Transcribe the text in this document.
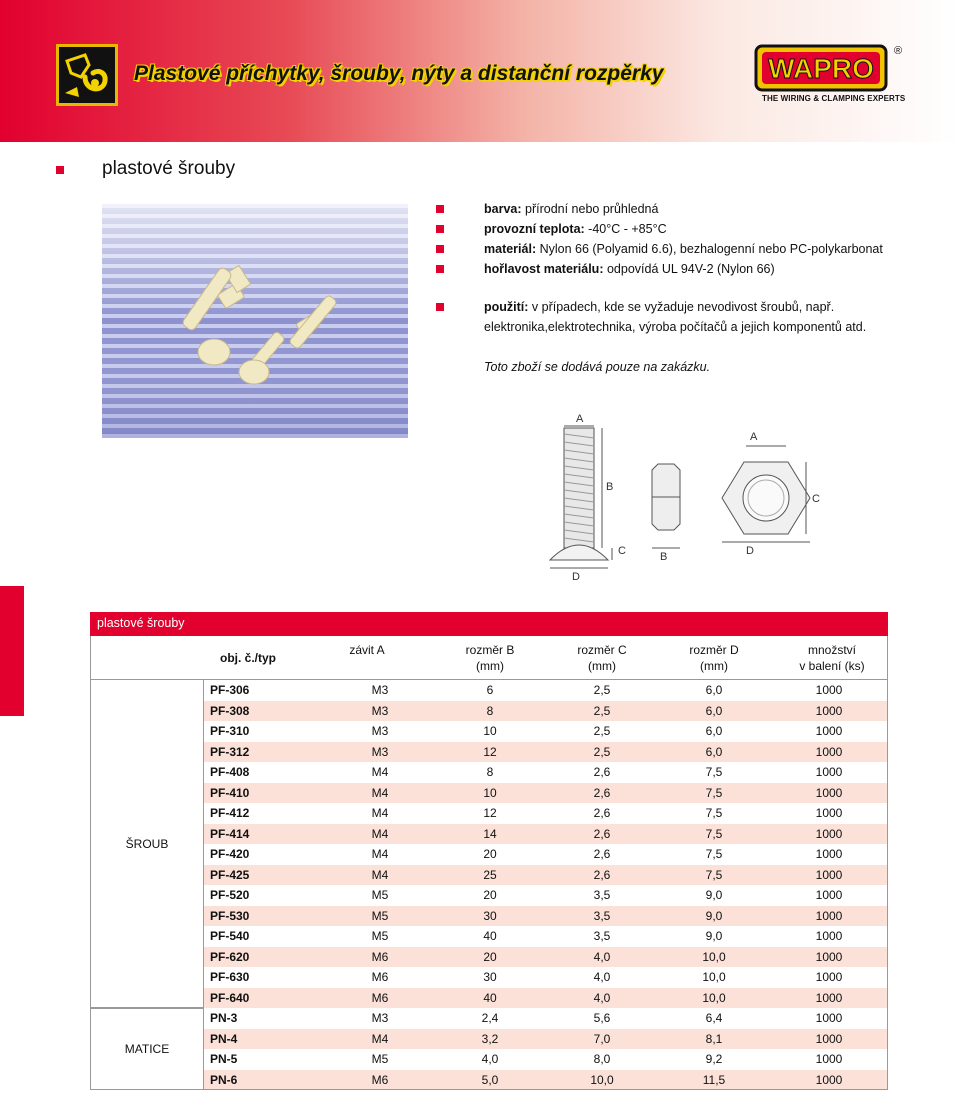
Plastové příchytky, šrouby, nýty a distanční rozpěrky	WAPRO
®
THE WIRING & CLAMPING EXPERTS
plastové šrouby
barva: přírodní nebo průhledná
provozní teplota: -40°C - +85°C
materiál: Nylon 66 (Polyamid 6.6), bezhalogenní nebo PC-polykarbonat
hořlavost materiálu: odpovídá UL 94V-2 (Nylon 66)
použití: v případech, kde se vyžaduje nevodivost šroubů, např.
elektronika,elektrotechnika, výroba počítačů a jejich komponentů atd.
Toto zboží se dodává pouze na zakázku.
A
B
C
D
B
A
C
D
plastové šrouby
obj. č./typ
závit A	rozměr B
(mm)
rozměr C
(mm)
rozměr D
(mm)
množství
v balení (ks)
ŠROUB
MATICE
PF-306	M3	6	2,5	6,0	1000
PF-308	M3	8	2,5	6,0	1000
PF-310	M3	10	2,5	6,0	1000
PF-312	M3	12	2,5	6,0	1000
PF-408	M4	8	2,6	7,5	1000
PF-410	M4	10	2,6	7,5	1000
PF-412	M4	12	2,6	7,5	1000
PF-414	M4	14	2,6	7,5	1000
PF-420	M4	20	2,6	7,5	1000
PF-425	M4	25	2,6	7,5	1000
PF-520	M5	20	3,5	9,0	1000
PF-530	M5	30	3,5	9,0	1000
PF-540	M5	40	3,5	9,0	1000
PF-620	M6	20	4,0	10,0	1000
PF-630	M6	30	4,0	10,0	1000
PF-640	M6	40	4,0	10,0	1000
PN-3	M3	2,4	5,6	6,4	1000
PN-4	M4	3,2	7,0	8,1	1000
PN-5	M5	4,0	8,0	9,2	1000
PN-6	M6	5,0	10,0	11,5	1000
